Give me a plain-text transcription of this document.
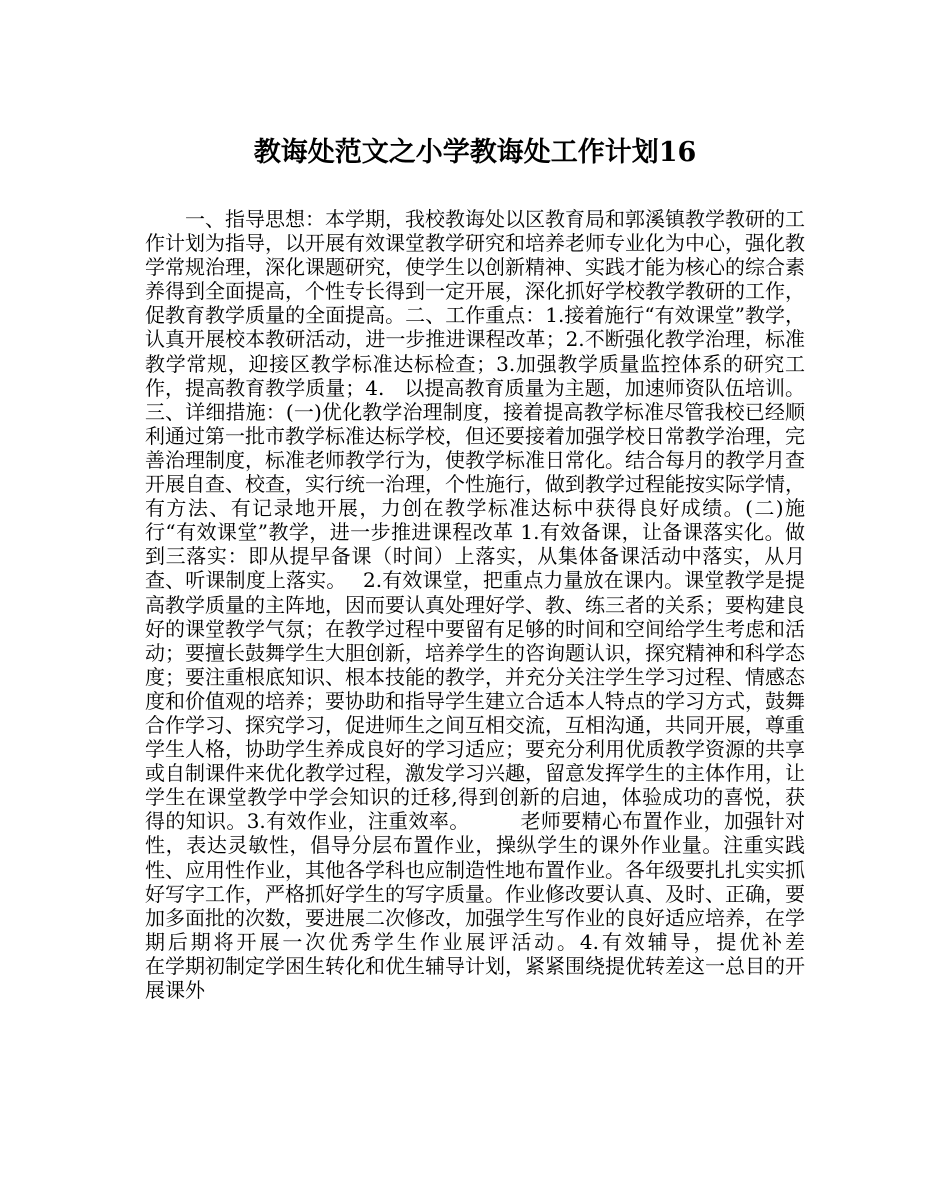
教诲处范文之小学教诲处工作计划16

　　一、指导思想：本学期，我校教诲处以区教育局和郭溪镇教学教研的工作计划为指导，以开展有效课堂教学研究和培养老师专业化为中心，强化教学常规治理，深化课题研究，使学生以创新精神、实践才能为核心的综合素养得到全面提高，个性专长得到一定开展，深化抓好学校教学教研的工作，促教育教学质量的全面提高。二、工作重点：1.接着施行“有效课堂”教学，认真开展校本教研活动，进一步推进课程改革；2.不断强化教学治理，标准教学常规，迎接区教学标准达标检查；3.加强教学质量监控体系的研究工作，提高教育教学质量；4.　以提高教育质量为主题，加速师资队伍培训。三、详细措施：(一)优化教学治理制度，接着提高教学标准尽管我校已经顺利通过第一批市教学标准达标学校，但还要接着加强学校日常教学治理，完善治理制度，标准老师教学行为，使教学标准日常化。结合每月的教学月查开展自查、校查，实行统一治理，个性施行，做到教学过程能按实际学情，有方法、有记录地开展，力创在教学标准达标中获得良好成绩。(二)施行“有效课堂”教学，进一步推进课程改革 1.有效备课，让备课落实化。做到三落实：即从提早备课（时间）上落实，从集体备课活动中落实，从月查、听课制度上落实。　 2.有效课堂，把重点力量放在课内。课堂教学是提高教学质量的主阵地，因而要认真处理好学、教、练三者的关系；要构建良好的课堂教学气氛；在教学过程中要留有足够的时间和空间给学生考虑和活动；要擅长鼓舞学生大胆创新，培养学生的咨询题认识，探究精神和科学态度；要注重根底知识、根本技能的教学，并充分关注学生学习过程、情感态度和价值观的培养；要协助和指导学生建立合适本人特点的学习方式，鼓舞合作学习、探究学习，促进师生之间互相交流，互相沟通，共同开展，尊重学生人格，协助学生养成良好的学习适应；要充分利用优质教学资源的共享或自制课件来优化教学过程，激发学习兴趣，留意发挥学生的主体作用，让学生在课堂教学中学会知识的迁移,得到创新的启迪，体验成功的喜悦，获得的知识。3.有效作业，注重效率。　　　老师要精心布置作业，加强针对性，表达灵敏性，倡导分层布置作业，操纵学生的课外作业量。注重实践性、应用性作业，其他各学科也应制造性地布置作业。各年级要扎扎实实抓好写字工作，严格抓好学生的写字质量。作业修改要认真、及时、正确，要加多面批的次数，要进展二次修改，加强学生写作业的良好适应培养，在学期后期将开展一次优秀学生作业展评活动。4.有效辅导，提优补差　　　　　在学期初制定学困生转化和优生辅导计划，紧紧围绕提优转差这一总目的开展课外
